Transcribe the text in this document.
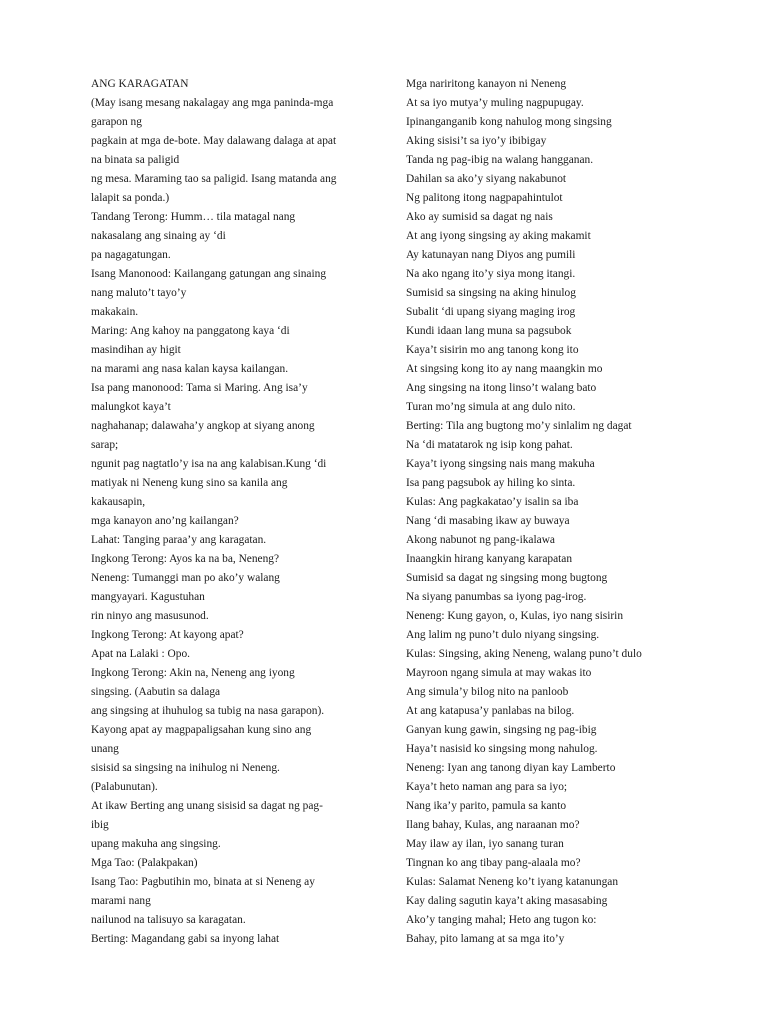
ANG KARAGATAN
(May isang mesang nakalagay ang mga paninda-mga
garapon ng
pagkain at mga de-bote. May dalawang dalaga at apat
na binata sa paligid
ng mesa. Maraming tao sa paligid. Isang matanda ang
lalapit sa ponda.)
Tandang Terong: Humm… tila matagal nang
nakasalang ang sinaing ay ‘di
pa nagagatungan.
Isang Manonood: Kailangang gatungan ang sinaing
nang maluto’t tayo’y
makakain.
Maring: Ang kahoy na panggatong kaya ‘di
masindihan ay higit
na marami ang nasa kalan kaysa kailangan.
Isa pang manonood: Tama si Maring. Ang isa’y
malungkot kaya’t
naghahanap; dalawaha’y angkop at siyang anong
sarap;
ngunit pag nagtatlo’y isa na ang kalabisan.Kung ‘di
matiyak ni Neneng kung sino sa kanila ang
kakausapin,
mga kanayon ano’ng kailangan?
Lahat: Tanging paraa’y ang karagatan.
Ingkong Terong: Ayos ka na ba, Neneng?
Neneng: Tumanggi man po ako’y walang
mangyayari. Kagustuhan
rin ninyo ang masusunod.
Ingkong Terong: At kayong apat?
Apat na Lalaki : Opo.
Ingkong Terong: Akin na, Neneng ang iyong
singsing. (Aabutin sa dalaga
ang singsing at ihuhulog sa tubig na nasa garapon).
Kayong apat ay magpapaligsahan kung sino ang
unang
sisisid sa singsing na inihulog ni Neneng.
(Palabunutan).
At ikaw Berting ang unang sisisid sa dagat ng pag-
ibig
upang makuha ang singsing.
Mga Tao: (Palakpakan)
Isang Tao: Pagbutihin mo, binata at si Neneng ay
marami nang
nailunod na talisuyo sa karagatan.
Berting: Magandang gabi sa inyong lahat
Mga nariritong kanayon ni Neneng
At sa iyo mutya’y muling nagpupugay.
Ipinanganganib kong nahulog mong singsing
Aking sisisi’t sa iyo’y ibibigay
Tanda ng pag-ibig na walang hangganan.
Dahilan sa ako’y siyang nakabunot
Ng palitong itong nagpapahintulot
Ako ay sumisid sa dagat ng nais
At ang iyong singsing ay aking makamit
Ay katunayan nang Diyos ang pumili
Na ako ngang ito’y siya mong itangi.
Sumisid sa singsing na aking hinulog
Subalit ‘di upang siyang maging irog
Kundi idaan lang muna sa pagsubok
Kaya’t sisirin mo ang tanong kong ito
At singsing kong ito ay nang maangkin mo
Ang singsing na itong linso’t walang bato
Turan mo’ng simula at ang dulo nito.
Berting: Tila ang bugtong mo’y sinlalim ng dagat
Na ‘di matatarok ng isip kong pahat.
Kaya’t iyong singsing nais mang makuha
Isa pang pagsubok ay hiling ko sinta.
Kulas: Ang pagkakatao’y isalin sa iba
Nang ‘di masabing ikaw ay buwaya
Akong nabunot ng pang-ikalawa
Inaangkin hirang kanyang karapatan
Sumisid sa dagat ng singsing mong bugtong
Na siyang panumbas sa iyong pag-irog.
Neneng: Kung gayon, o, Kulas, iyo nang sisirin
Ang lalim ng puno’t dulo niyang singsing.
Kulas: Singsing, aking Neneng, walang puno’t dulo
Mayroon ngang simula at may wakas ito
Ang simula’y bilog nito na panloob
At ang katapusa’y panlabas na bilog.
Ganyan kung gawin, singsing ng pag-ibig
Haya’t nasisid ko singsing mong nahulog.
Neneng: Iyan ang tanong diyan kay Lamberto
Kaya’t heto naman ang para sa iyo;
Nang ika’y parito, pamula sa kanto
Ilang bahay, Kulas, ang naraanan mo?
May ilaw ay ilan, iyo sanang turan
Tingnan ko ang tibay pang-alaala mo?
Kulas: Salamat Neneng ko’t iyang katanungan
Kay daling sagutin kaya’t aking masasabing
Ako’y tanging mahal; Heto ang tugon ko:
Bahay, pito lamang at sa mga ito’y
